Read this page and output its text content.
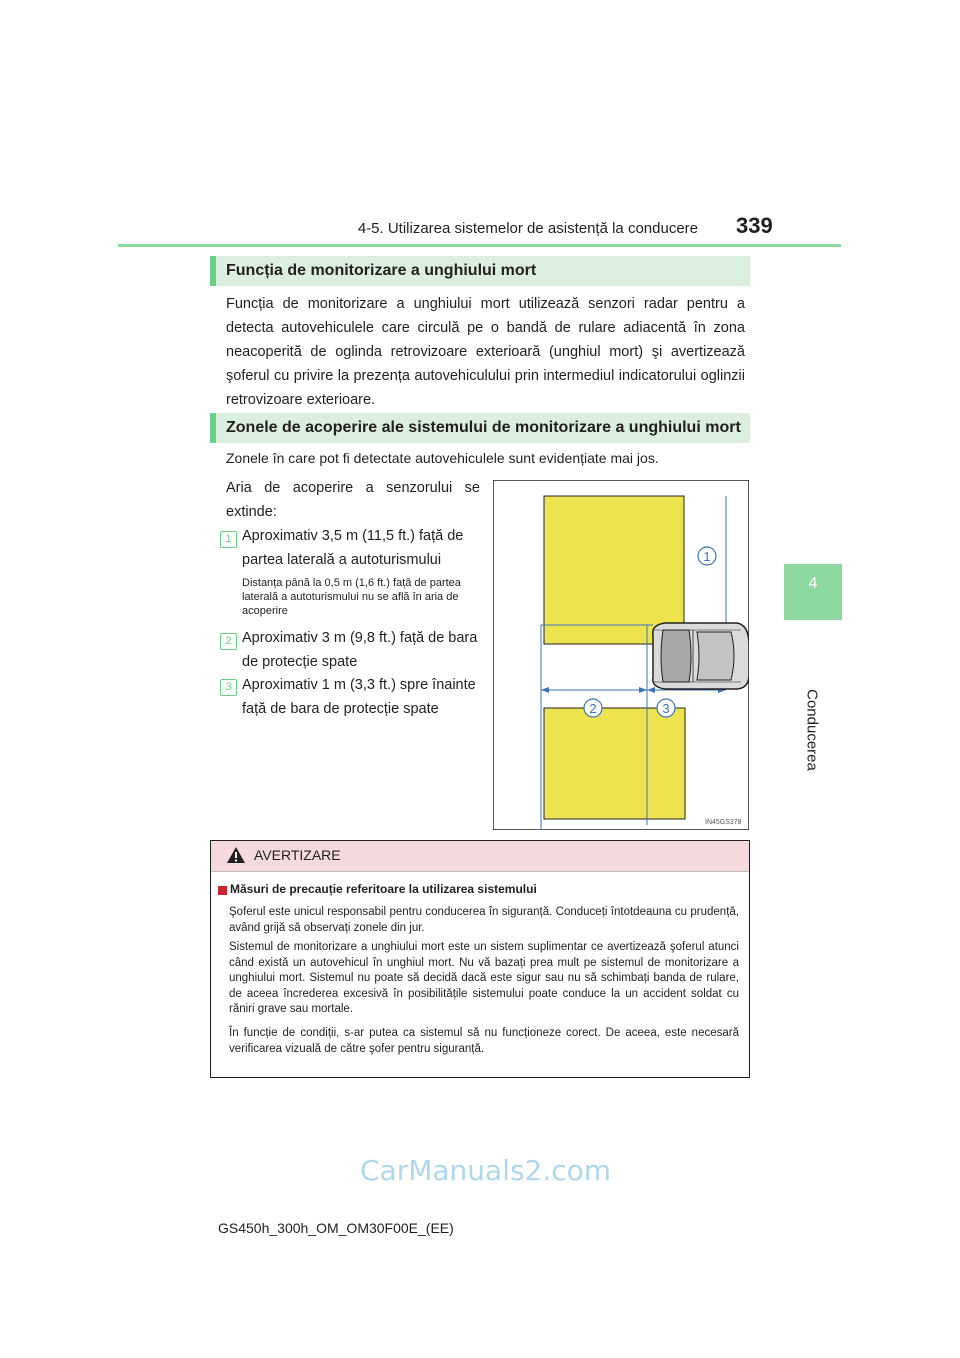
4-5. Utilizarea sistemelor de asistență la conducere 339
4
Conducerea
Funcția de monitorizare a unghiului mort
Funcția de monitorizare a unghiului mort utilizează senzori radar pentru a detecta autovehiculele care circulă pe o bandă de rulare adiacentă în zona neacoperită de oglinda retrovizoare exterioară (unghiul mort) şi avertizează şoferul cu privire la prezența autovehiculului prin intermediul indicatorului oglinzii retrovizoare exterioare.
Zonele de acoperire ale sistemului de monitorizare a unghiului mort
Zonele în care pot fi detectate autovehiculele sunt evidențiate mai jos.
Aria de acoperire a senzorului se extinde:
1 Aproximativ 3,5 m (11,5 ft.) față de partea laterală a autoturismului
Distanța până la 0,5 m (1,6 ft.) față de partea laterală a autoturismului nu se află în aria de acoperire
2 Aproximativ 3 m (9,8 ft.) față de bara de protecție spate
3 Aproximativ 1 m (3,3 ft.) spre înainte față de bara de protecție spate
1
2	3
IN45GS378
AVERTIZARE
Măsuri de precauție referitoare la utilizarea sistemului
Şoferul este unicul responsabil pentru conducerea în siguranță. Conduceți întotdeauna cu prudență, având grijă să observați zonele din jur.
Sistemul de monitorizare a unghiului mort este un sistem suplimentar ce avertizează şoferul atunci când există un autovehicul în unghiul mort. Nu vă bazați prea mult pe sistemul de monitorizare a unghiului mort. Sistemul nu poate să decidă dacă este sigur sau nu să schimbați banda de rulare, de aceea încrederea excesivă în posibilitățile sistemului poate conduce la un accident soldat cu răniri grave sau mortale.
În funcție de condiții, s-ar putea ca sistemul să nu funcționeze corect. De aceea, este necesară verificarea vizuală de către şofer pentru siguranță.
CarManuals2.com
GS450h_300h_OM_OM30F00E_(EE)
